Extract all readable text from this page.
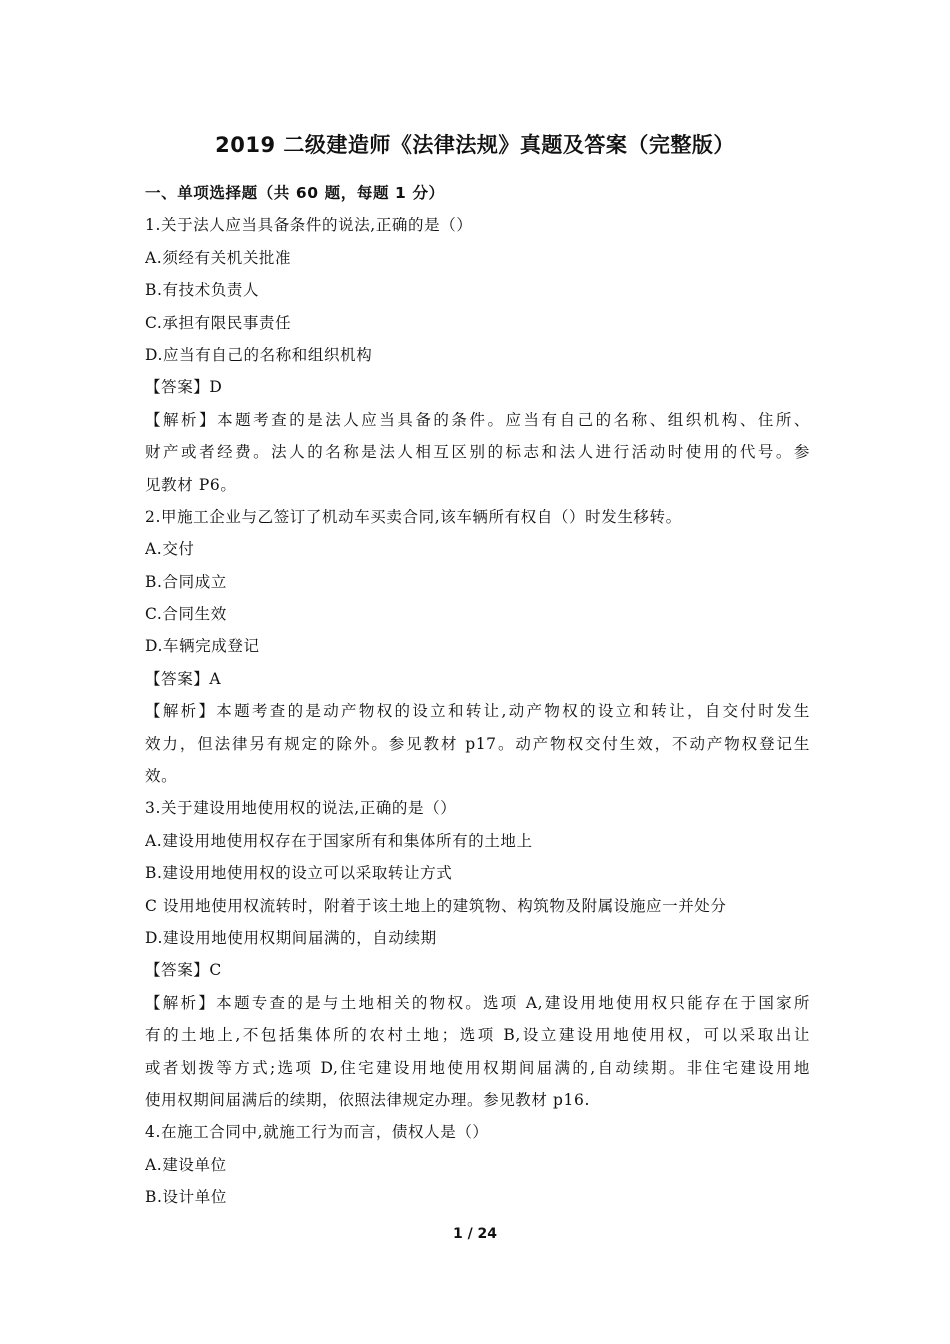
2019 二级建造师《法律法规》真题及答案（完整版）
一、单项选择题（共 60 题，每题 1 分）
1.关于法人应当具备条件的说法,正确的是（）
A.须经有关机关批准
B.有技术负责人
C.承担有限民事责任
D.应当有自己的名称和组织机构
【答案】D
【解析】本题考查的是法人应当具备的条件。应当有自己的名称、组织机构、住所、
财产或者经费。法人的名称是法人相互区别的标志和法人进行活动时使用的代号。参
见教材 P6。
2.甲施工企业与乙签订了机动车买卖合同,该车辆所有权自（）时发生移转。
A.交付
B.合同成立
C.合同生效
D.车辆完成登记
【答案】A
【解析】本题考查的是动产物权的设立和转让,动产物权的设立和转让，自交付时发生
效力，但法律另有规定的除外。参见教材 p17。动产物权交付生效，不动产物权登记生
效。
3.关于建设用地使用权的说法,正确的是（）
A.建设用地使用权存在于国家所有和集体所有的土地上
B.建设用地使用权的设立可以采取转让方式
C 设用地使用权流转时，附着于该土地上的建筑物、构筑物及附属设施应一并处分
D.建设用地使用权期间届满的，自动续期
【答案】C
【解析】本题专查的是与土地相关的物权。选项 A,建设用地使用权只能存在于国家所
有的土地上,不包括集体所的农村土地；选项 B,设立建设用地使用权，可以采取出让
或者划拨等方式;选项 D,住宅建设用地使用权期间届满的,自动续期。非住宅建设用地
使用权期间届满后的续期，依照法律规定办理。参见教材 p16.
4.在施工合同中,就施工行为而言，债权人是（）
A.建设单位
B.设计单位
1 / 24
